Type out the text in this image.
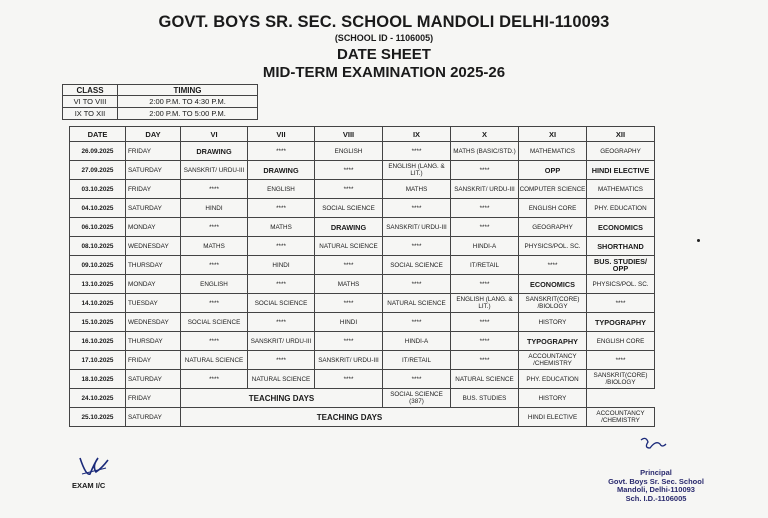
GOVT. BOYS SR. SEC. SCHOOL MANDOLI DELHI-110093
(SCHOOL ID - 1106005)
DATE SHEET
MID-TERM EXAMINATION 2025-26
CLASS	TIMING
VI TO VIII	2:00 P.M. TO 4:30 P.M.
IX TO XII	2:00 P.M. TO 5:00 P.M.
DATE	DAY	VI	VII	VIII	IX	X	XI	XII
26.09.2025	FRIDAY	DRAWING	****	ENGLISH	****	MATHS (BASIC/STD.)	MATHEMATICS	GEOGRAPHY
27.09.2025	SATURDAY	SANSKRIT/ URDU-III	DRAWING	****	ENGLISH (LANG. & LIT.)	****	OPP	HINDI ELECTIVE
03.10.2025	FRIDAY	****	ENGLISH	****	MATHS	SANSKRIT/ URDU-III	COMPUTER SCIENCE	MATHEMATICS
04.10.2025	SATURDAY	HINDI	****	SOCIAL SCIENCE	****	****	ENGLISH CORE	PHY. EDUCATION
06.10.2025	MONDAY	****	MATHS	DRAWING	SANSKRIT/ URDU-III	****	GEOGRAPHY	ECONOMICS
08.10.2025	WEDNESDAY	MATHS	****	NATURAL SCIENCE	****	HINDI-A	PHYSICS/POL. SC.	SHORTHAND
09.10.2025	THURSDAY	****	HINDI	****	SOCIAL SCIENCE	IT/RETAIL	****	BUS. STUDIES/ OPP
13.10.2025	MONDAY	ENGLISH	****	MATHS	****	****	ECONOMICS	PHYSICS/POL. SC.
14.10.2025	TUESDAY	****	SOCIAL SCIENCE	****	NATURAL SCIENCE	ENGLISH (LANG. & LIT.)	SANSKRIT(CORE) /BIOLOGY	****
15.10.2025	WEDNESDAY	SOCIAL SCIENCE	****	HINDI	****	****	HISTORY	TYPOGRAPHY
16.10.2025	THURSDAY	****	SANSKRIT/ URDU-III	****	HINDI-A	****	TYPOGRAPHY	ENGLISH CORE
17.10.2025	FRIDAY	NATURAL SCIENCE	****	SANSKRIT/ URDU-III	IT/RETAIL	****	ACCOUNTANCY /CHEMISTRY	****
18.10.2025	SATURDAY	****	NATURAL SCIENCE	****	****	NATURAL SCIENCE	PHY. EDUCATION	SANSKRIT(CORE) /BIOLOGY
24.10.2025	FRIDAY	TEACHING DAYS			SOCIAL SCIENCE (387)	BUS. STUDIES	HISTORY	
25.10.2025	SATURDAY	TEACHING DAYS					HINDI ELECTIVE	ACCOUNTANCY /CHEMISTRY
EXAM I/C
Principal
Govt. Boys Sr. Sec. School
Mandoli, Delhi-110093
Sch. I.D.-1106005
